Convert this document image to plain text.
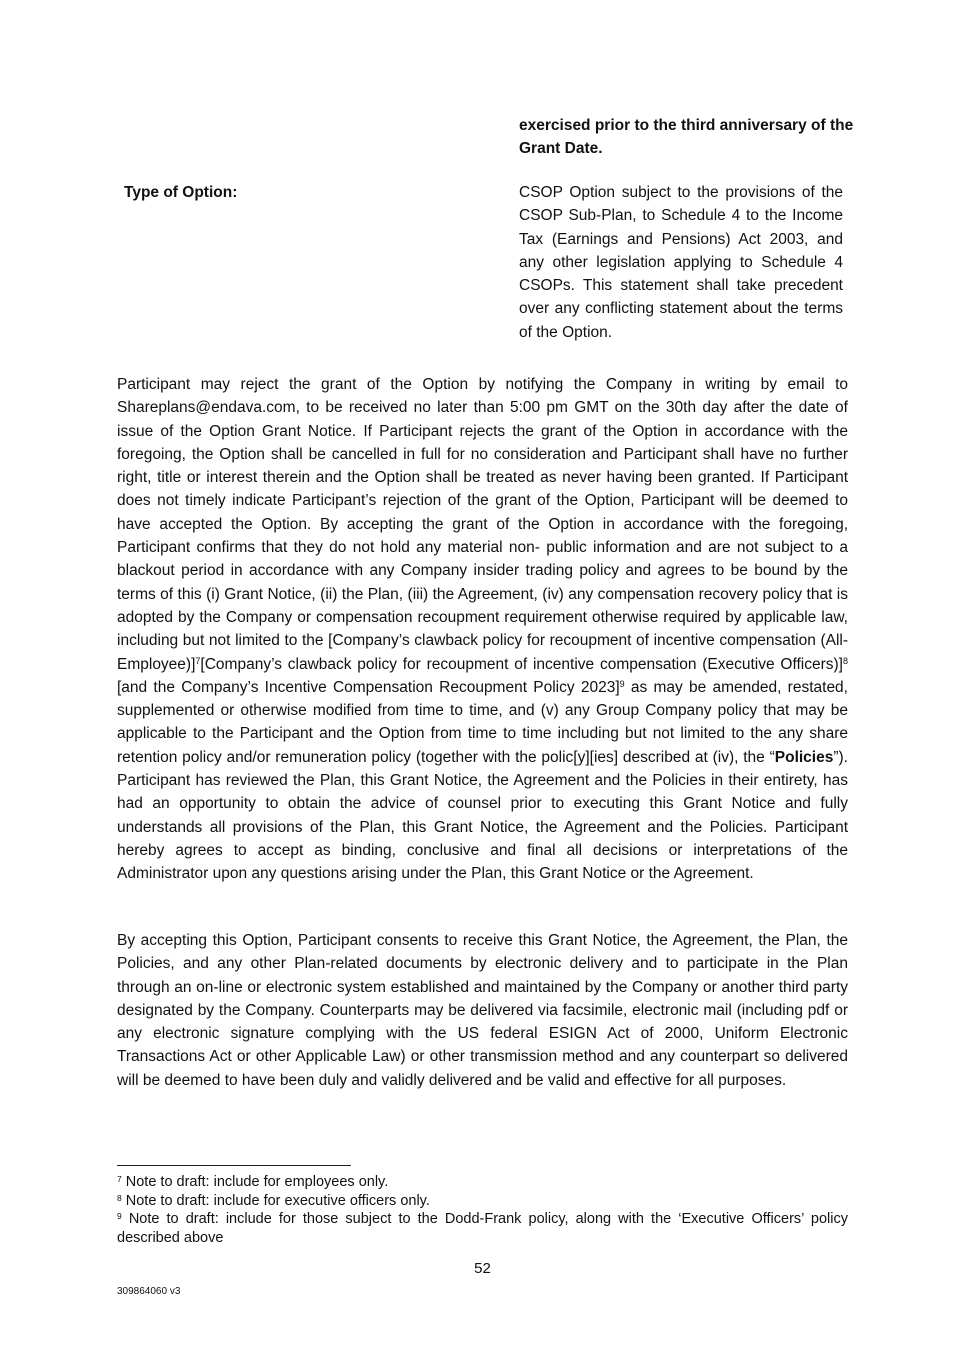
exercised prior to the third anniversary of the Grant Date.

Type of Option:	CSOP Option subject to the provisions of the CSOP Sub-Plan, to Schedule 4 to the Income Tax (Earnings and Pensions) Act 2003, and any other legislation applying to Schedule 4 CSOPs. This statement shall take precedent over any conflicting statement about the terms of the Option.

Participant may reject the grant of the Option by notifying the Company in writing by email to Shareplans@endava.com, to be received no later than 5:00 pm GMT on the 30th day after the date of issue of the Option Grant Notice. If Participant rejects the grant of the Option in accordance with the foregoing, the Option shall be cancelled in full for no consideration and Participant shall have no further right, title or interest therein and the Option shall be treated as never having been granted. If Participant does not timely indicate Participant’s rejection of the grant of the Option, Participant will be deemed to have accepted the Option. By accepting the grant of the Option in accordance with the foregoing, Participant confirms that they do not hold any material non- public information and are not subject to a blackout period in accordance with any Company insider trading policy and agrees to be bound by the terms of this (i) Grant Notice, (ii) the Plan, (iii) the Agreement, (iv) any compensation recovery policy that is adopted by the Company or compensation recoupment requirement otherwise required by applicable law, including but not limited to the [Company’s clawback policy for recoupment of incentive compensation (All-Employee)]$^7$[Company’s clawback policy for recoupment of incentive compensation (Executive Officers)]$^8$ [and the Company’s Incentive Compensation Recoupment Policy 2023]$^9$ as may be amended, restated, supplemented or otherwise modified from time to time, and (v) any Group Company policy that may be applicable to the Participant and the Option from time to time including but not limited to the any share retention policy and/or remuneration policy (together with the polic[y][ies] described at (iv), the “Policies”). Participant has reviewed the Plan, this Grant Notice, the Agreement and the Policies in their entirety, has had an opportunity to obtain the advice of counsel prior to executing this Grant Notice and fully understands all provisions of the Plan, this Grant Notice, the Agreement and the Policies. Participant hereby agrees to accept as binding, conclusive and final all decisions or interpretations of the Administrator upon any questions arising under the Plan, this Grant Notice or the Agreement.

By accepting this Option, Participant consents to receive this Grant Notice, the Agreement, the Plan, the Policies, and any other Plan-related documents by electronic delivery and to participate in the Plan through an on-line or electronic system established and maintained by the Company or another third party designated by the Company. Counterparts may be delivered via facsimile, electronic mail (including pdf or any electronic signature complying with the US federal ESIGN Act of 2000, Uniform Electronic Transactions Act or other Applicable Law) or other transmission method and any counterpart so delivered will be deemed to have been duly and validly delivered and be valid and effective for all purposes.

$^7$ Note to draft: include for employees only.

$^8$ Note to draft: include for executive officers only.

$^9$ Note to draft: include for those subject to the Dodd-Frank policy, along with the ‘Executive Officers’ policy described above

52

309864060 v3
